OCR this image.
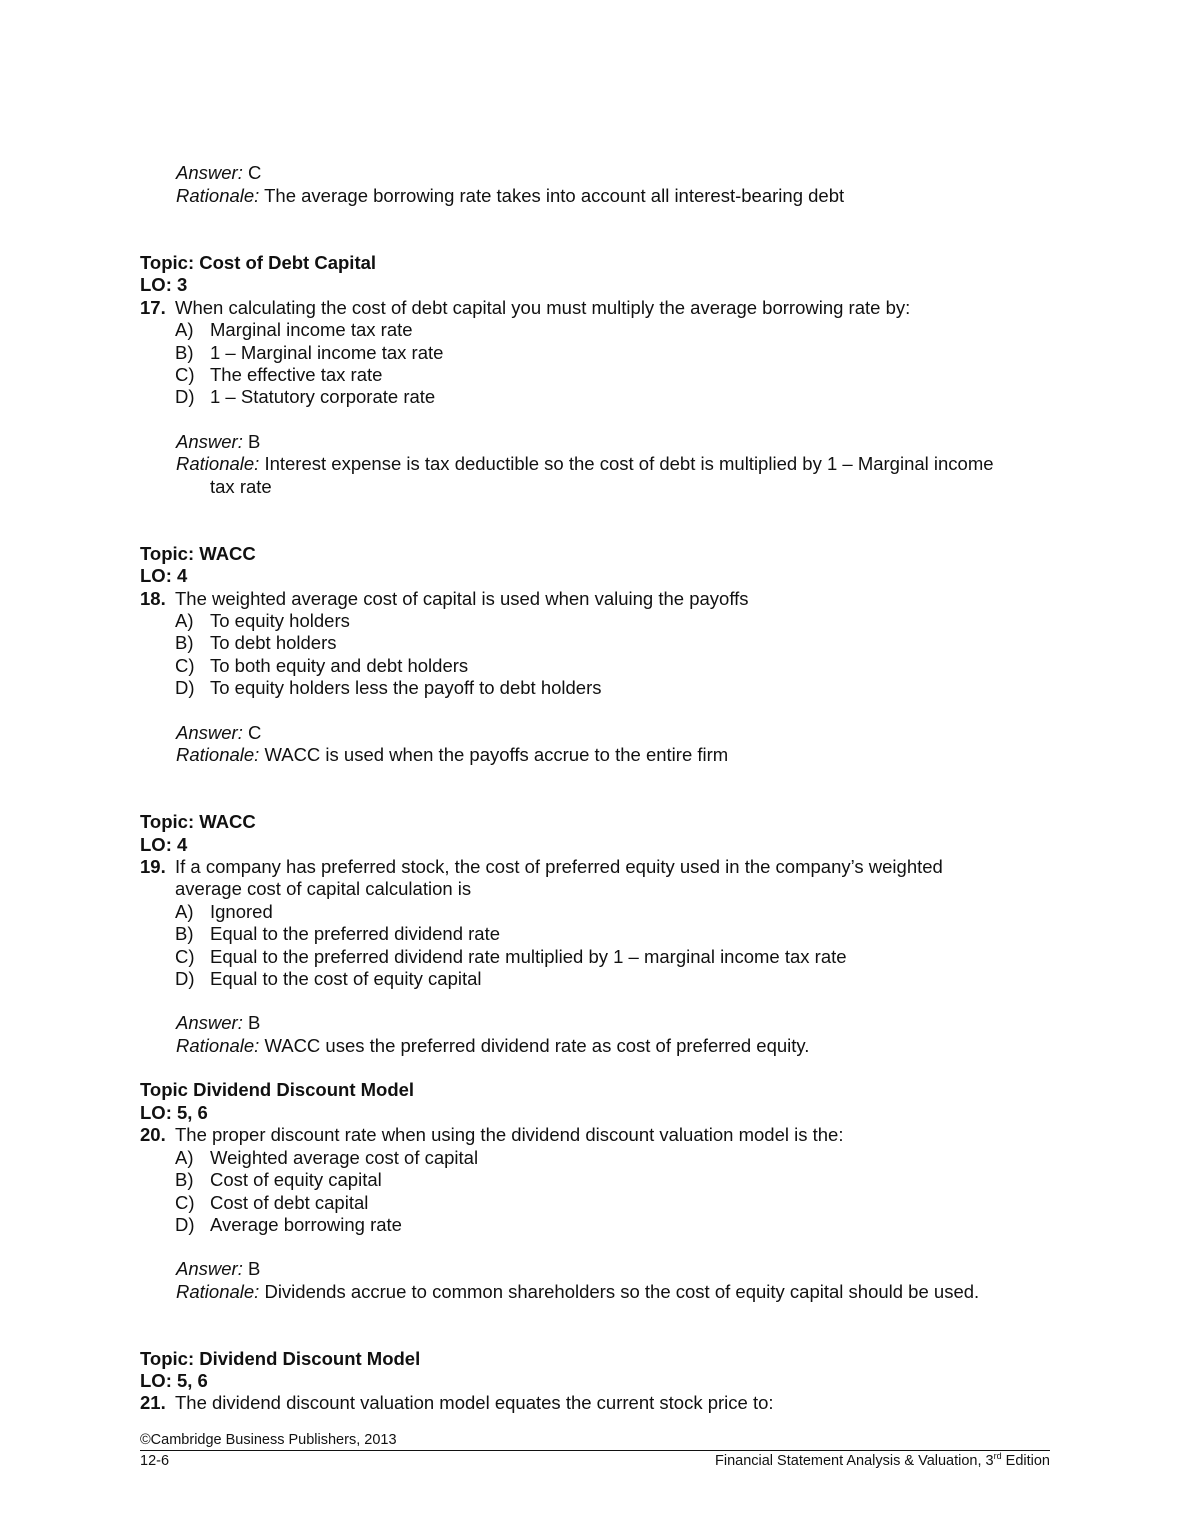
Answer: C
Rationale: The average borrowing rate takes into account all interest-bearing debt
Topic: Cost of Debt Capital
LO: 3
17. When calculating the cost of debt capital you must multiply the average borrowing rate by:
A) Marginal income tax rate
B) 1 – Marginal income tax rate
C) The effective tax rate
D) 1 – Statutory corporate rate
Answer: B
Rationale: Interest expense is tax deductible so the cost of debt is multiplied by 1 – Marginal income
tax rate
Topic: WACC
LO: 4
18. The weighted average cost of capital is used when valuing the payoffs
A) To equity holders
B) To debt holders
C) To both equity and debt holders
D) To equity holders less the payoff to debt holders
Answer: C
Rationale: WACC is used when the payoffs accrue to the entire firm
Topic: WACC
LO: 4
19. If a company has preferred stock, the cost of preferred equity used in the company’s weighted
average cost of capital calculation is
A) Ignored
B) Equal to the preferred dividend rate
C) Equal to the preferred dividend rate multiplied by 1 – marginal income tax rate
D) Equal to the cost of equity capital
Answer: B
Rationale: WACC uses the preferred dividend rate as cost of preferred equity.
Topic Dividend Discount Model
LO: 5, 6
20. The proper discount rate when using the dividend discount valuation model is the:
A) Weighted average cost of capital
B) Cost of equity capital
C) Cost of debt capital
D) Average borrowing rate
Answer: B
Rationale: Dividends accrue to common shareholders so the cost of equity capital should be used.
Topic: Dividend Discount Model
LO: 5, 6
21. The dividend discount valuation model equates the current stock price to:
©Cambridge Business Publishers, 2013
12-6	Financial Statement Analysis & Valuation, 3rd Edition
